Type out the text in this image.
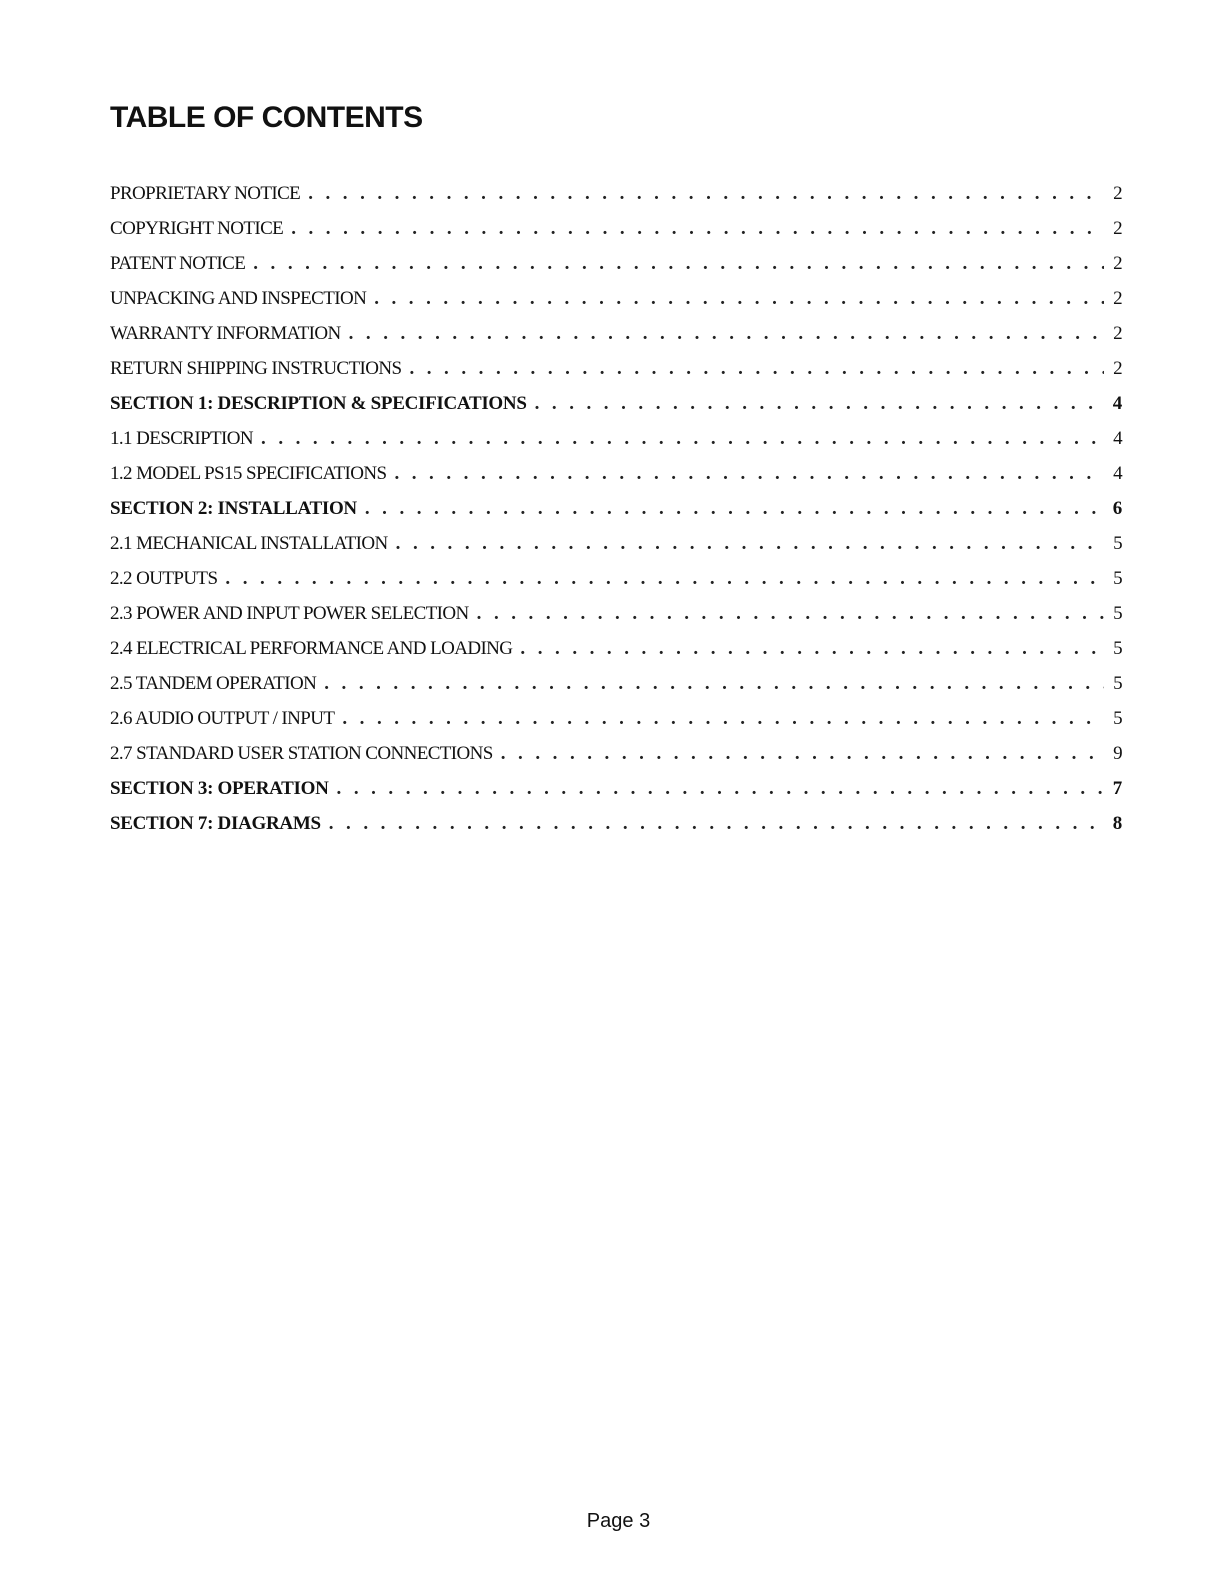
TABLE OF CONTENTS
PROPRIETARY NOTICE . . .	2
COPYRIGHT NOTICE . . .	2
PATENT NOTICE . . .	2
UNPACKING AND INSPECTION . . .	2
WARRANTY INFORMATION . . .	2
RETURN SHIPPING INSTRUCTIONS . . .	2
SECTION 1: DESCRIPTION & SPECIFICATIONS . . .	4
1.1 DESCRIPTION . . .	4
1.2 MODEL PS15 SPECIFICATIONS . . .	4
SECTION 2: INSTALLATION . . .	6
2.1 MECHANICAL INSTALLATION . . .	5
2.2 OUTPUTS . . .	5
2.3 POWER AND INPUT POWER SELECTION . . .	5
2.4 ELECTRICAL PERFORMANCE AND LOADING . . .	5
2.5 TANDEM OPERATION . . .	5
2.6 AUDIO OUTPUT / INPUT . . .	5
2.7 STANDARD USER STATION CONNECTIONS . . .	9
SECTION 3: OPERATION . . .	7
SECTION 7: DIAGRAMS . . .	8
Page 3
